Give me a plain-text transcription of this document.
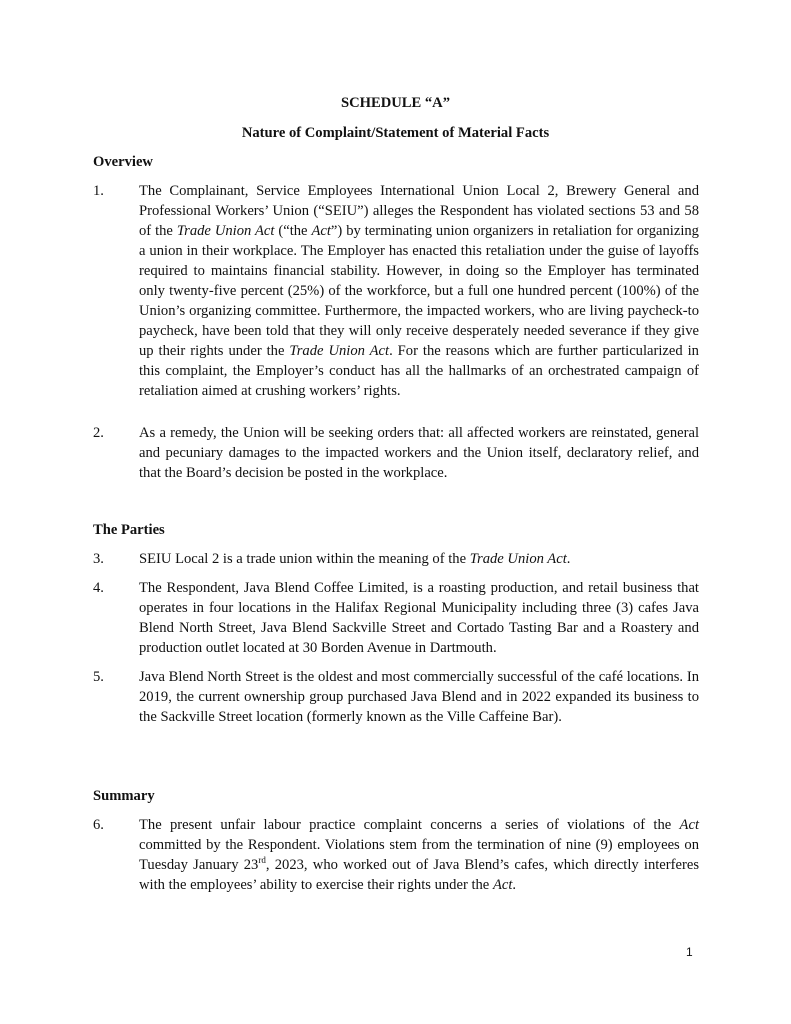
SCHEDULE “A”
Nature of Complaint/Statement of Material Facts
Overview
1. The Complainant, Service Employees International Union Local 2, Brewery General and Professional Workers’ Union (“SEIU”) alleges the Respondent has violated sections 53 and 58 of the Trade Union Act (“the Act”) by terminating union organizers in retaliation for organizing a union in their workplace. The Employer has enacted this retaliation under the guise of layoffs required to maintains financial stability. However, in doing so the Employer has terminated only twenty-five percent (25%) of the workforce, but a full one hundred percent (100%) of the Union’s organizing committee. Furthermore, the impacted workers, who are living paycheck-to paycheck, have been told that they will only receive desperately needed severance if they give up their rights under the Trade Union Act. For the reasons which are further particularized in this complaint, the Employer’s conduct has all the hallmarks of an orchestrated campaign of retaliation aimed at crushing workers’ rights.
2. As a remedy, the Union will be seeking orders that: all affected workers are reinstated, general and pecuniary damages to the impacted workers and the Union itself, declaratory relief, and that the Board’s decision be posted in the workplace.
The Parties
3. SEIU Local 2 is a trade union within the meaning of the Trade Union Act.
4. The Respondent, Java Blend Coffee Limited, is a roasting production, and retail business that operates in four locations in the Halifax Regional Municipality including three (3) cafes Java Blend North Street, Java Blend Sackville Street and Cortado Tasting Bar and a Roastery and production outlet located at 30 Borden Avenue in Dartmouth.
5. Java Blend North Street is the oldest and most commercially successful of the café locations. In 2019, the current ownership group purchased Java Blend and in 2022 expanded its business to the Sackville Street location (formerly known as the Ville Caffeine Bar).
Summary
6. The present unfair labour practice complaint concerns a series of violations of the Act committed by the Respondent. Violations stem from the termination of nine (9) employees on Tuesday January 23rd, 2023, who worked out of Java Blend’s cafes, which directly interferes with the employees’ ability to exercise their rights under the Act.
1
